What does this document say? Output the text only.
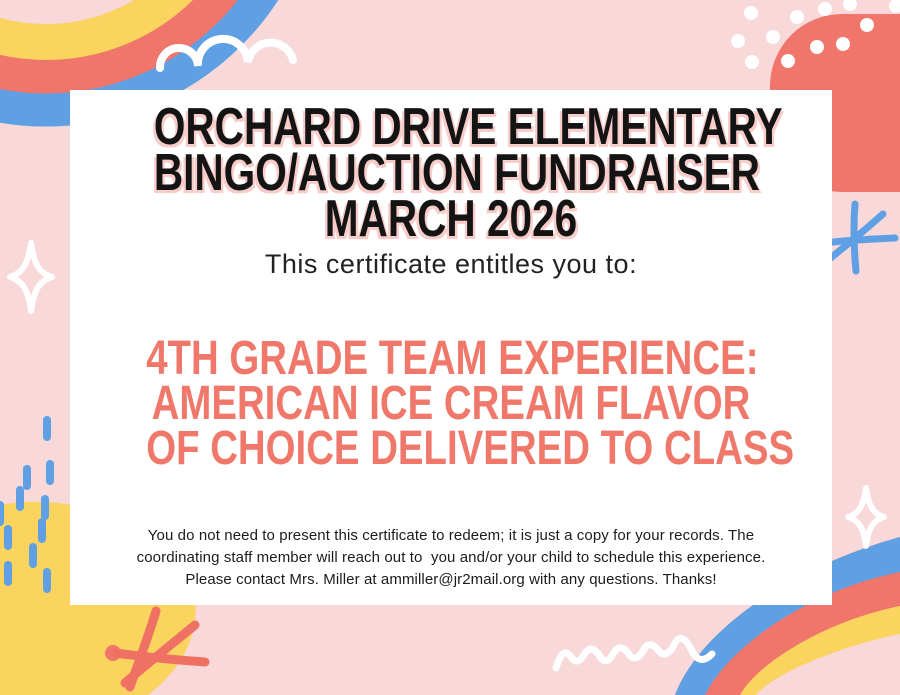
ORCHARD DRIVE ELEMENTARY
BINGO/AUCTION FUNDRAISER
MARCH 2026
This certificate entitles you to:
4TH GRADE TEAM EXPERIENCE:
AMERICAN ICE CREAM FLAVOR
OF CHOICE DELIVERED TO CLASS
You do not need to present this certificate to redeem; it is just a copy for your records. The
coordinating staff member will reach out to  you and/or your child to schedule this experience.
Please contact Mrs. Miller at ammiller@jr2mail.org with any questions. Thanks!
